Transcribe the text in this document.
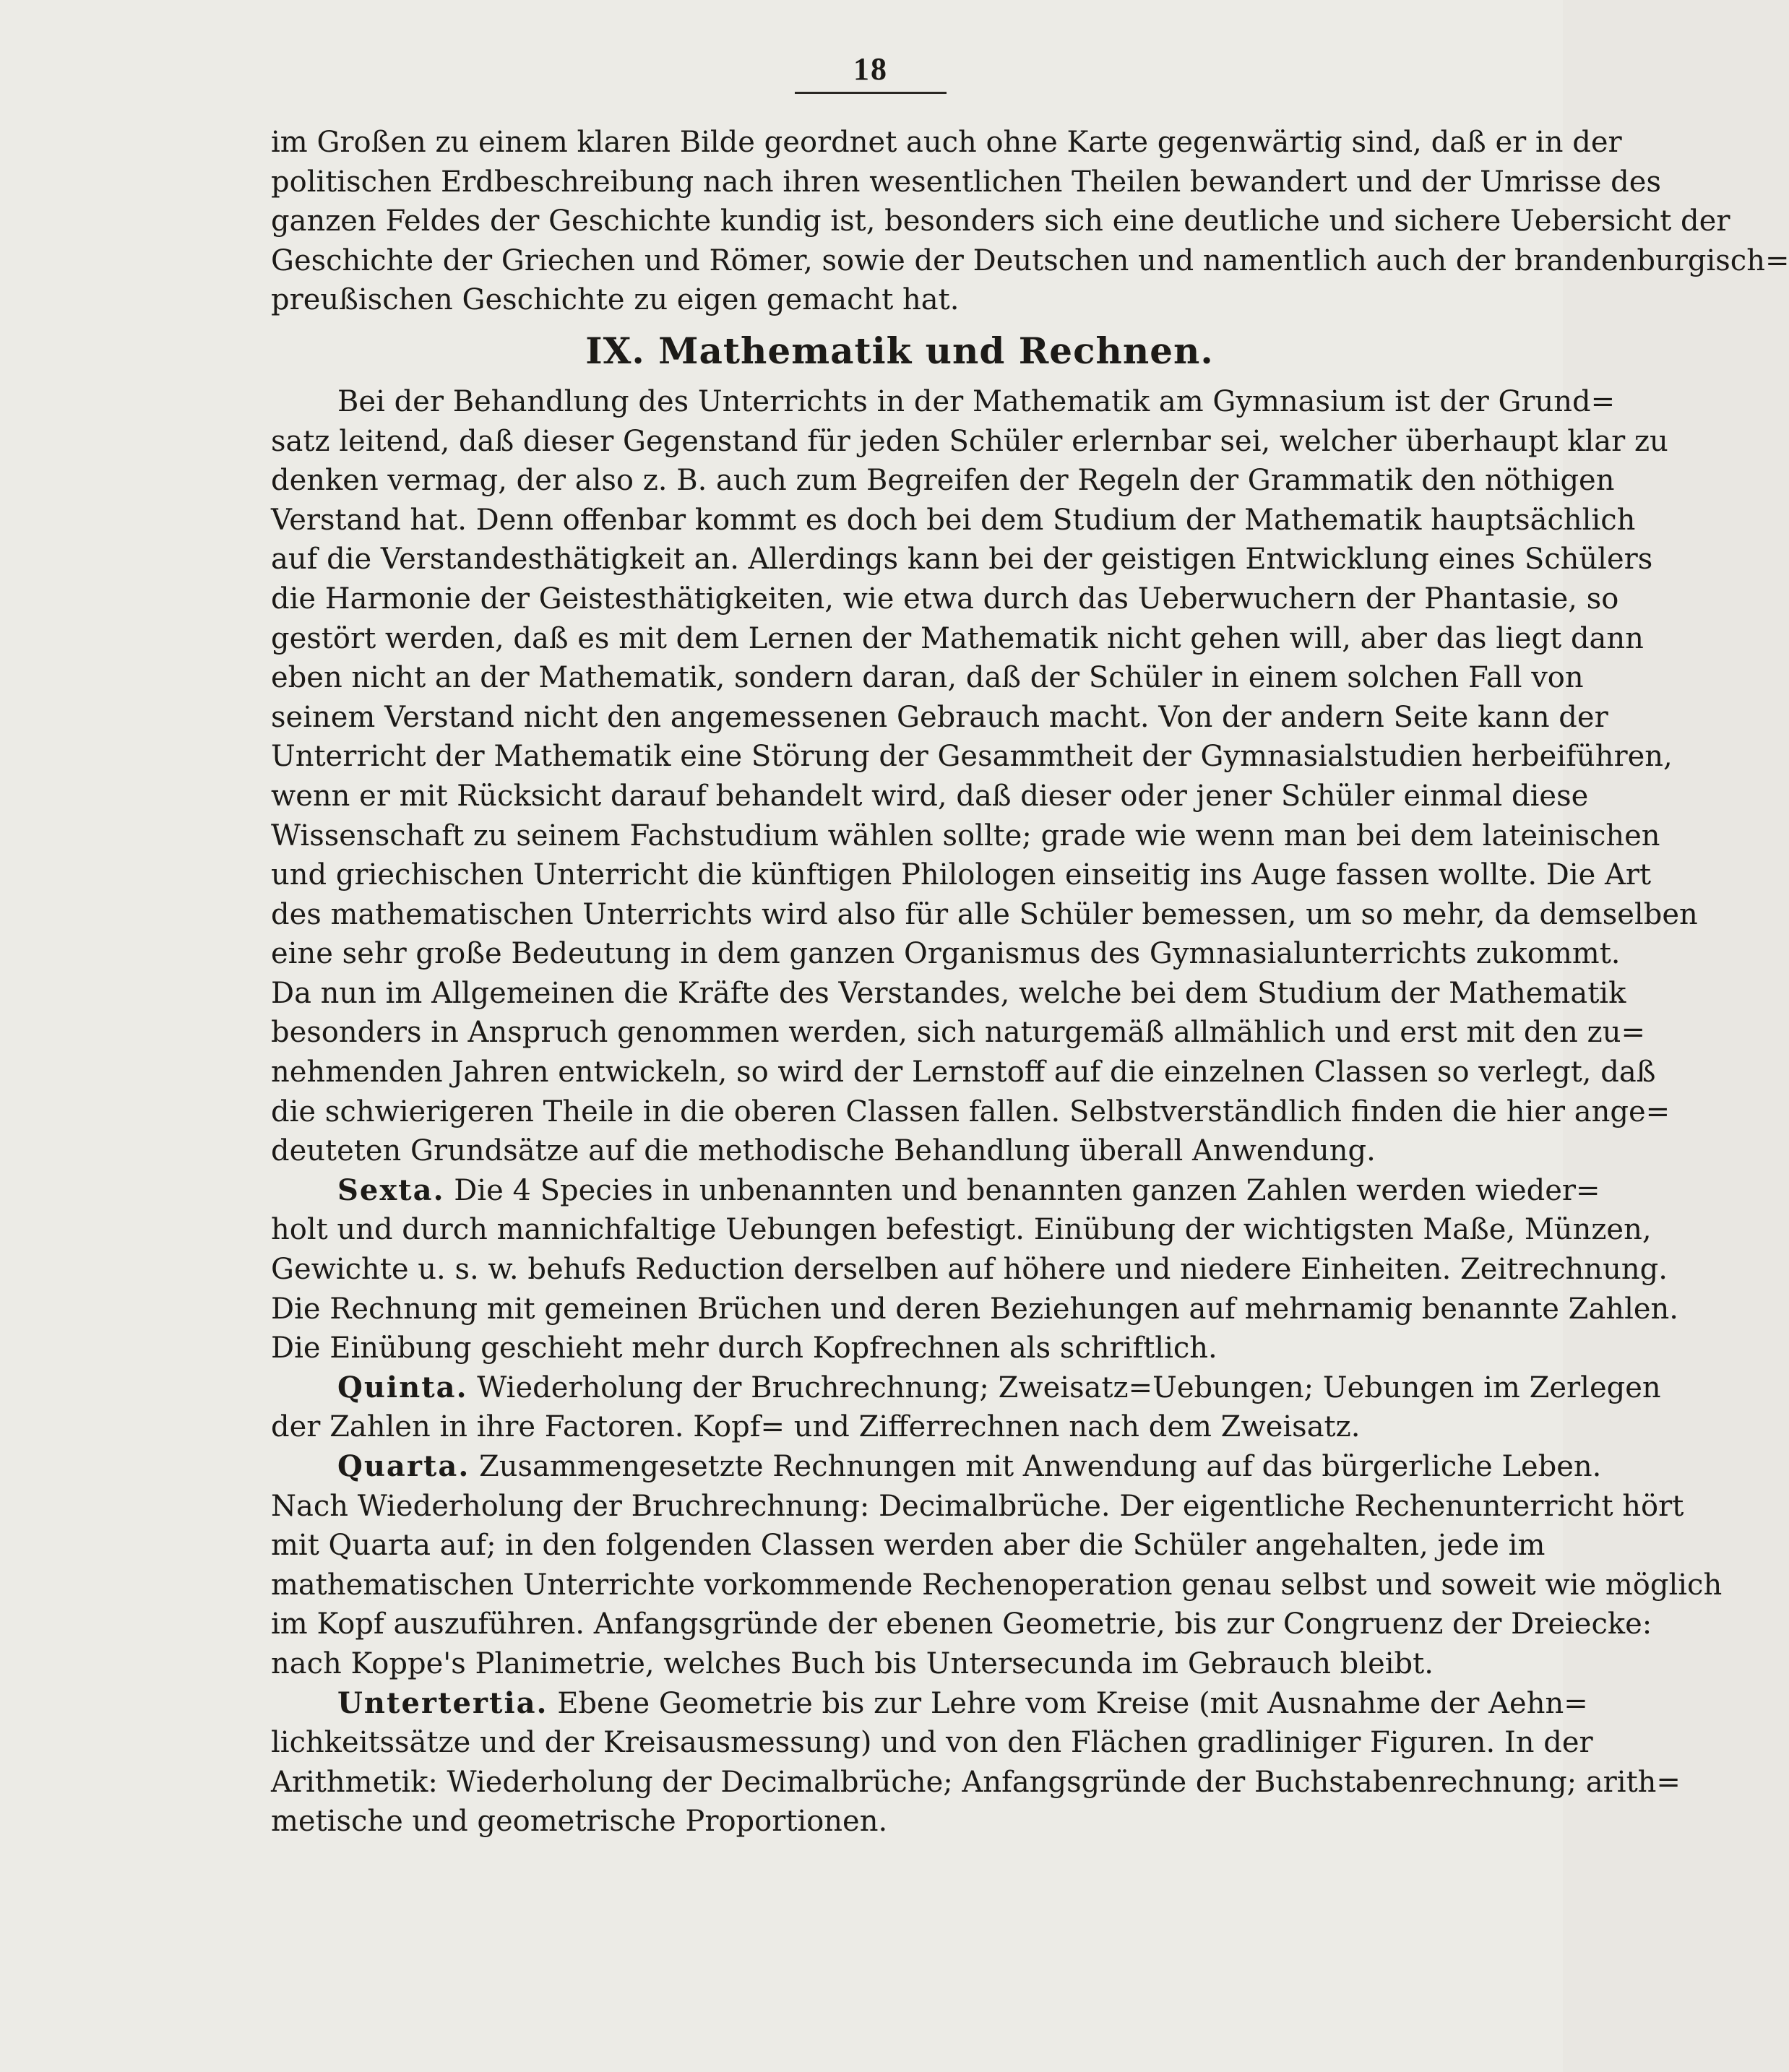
18
im Großen zu einem klaren Bilde geordnet auch ohne Karte gegenwärtig sind, daß er in der
politischen Erdbeschreibung nach ihren wesentlichen Theilen bewandert und der Umrisse des
ganzen Feldes der Geschichte kundig ist, besonders sich eine deutliche und sichere Uebersicht der
Geschichte der Griechen und Römer, sowie der Deutschen und namentlich auch der brandenburgisch=
preußischen Geschichte zu eigen gemacht hat.
IX. Mathematik und Rechnen.
Bei der Behandlung des Unterrichts in der Mathematik am Gymnasium ist der Grund=
satz leitend, daß dieser Gegenstand für jeden Schüler erlernbar sei, welcher überhaupt klar zu
denken vermag, der also z. B. auch zum Begreifen der Regeln der Grammatik den nöthigen
Verstand hat. Denn offenbar kommt es doch bei dem Studium der Mathematik hauptsächlich
auf die Verstandesthätigkeit an. Allerdings kann bei der geistigen Entwicklung eines Schülers
die Harmonie der Geistesthätigkeiten, wie etwa durch das Ueberwuchern der Phantasie, so
gestört werden, daß es mit dem Lernen der Mathematik nicht gehen will, aber das liegt dann
eben nicht an der Mathematik, sondern daran, daß der Schüler in einem solchen Fall von
seinem Verstand nicht den angemessenen Gebrauch macht. Von der andern Seite kann der
Unterricht der Mathematik eine Störung der Gesammtheit der Gymnasialstudien herbeiführen,
wenn er mit Rücksicht darauf behandelt wird, daß dieser oder jener Schüler einmal diese
Wissenschaft zu seinem Fachstudium wählen sollte; grade wie wenn man bei dem lateinischen
und griechischen Unterricht die künftigen Philologen einseitig ins Auge fassen wollte. Die Art
des mathematischen Unterrichts wird also für alle Schüler bemessen, um so mehr, da demselben
eine sehr große Bedeutung in dem ganzen Organismus des Gymnasialunterrichts zukommt.
Da nun im Allgemeinen die Kräfte des Verstandes, welche bei dem Studium der Mathematik
besonders in Anspruch genommen werden, sich naturgemäß allmählich und erst mit den zu=
nehmenden Jahren entwickeln, so wird der Lernstoff auf die einzelnen Classen so verlegt, daß
die schwierigeren Theile in die oberen Classen fallen. Selbstverständlich finden die hier ange=
deuteten Grundsätze auf die methodische Behandlung überall Anwendung.
Sexta. Die 4 Species in unbenannten und benannten ganzen Zahlen werden wieder=
holt und durch mannichfaltige Uebungen befestigt. Einübung der wichtigsten Maße, Münzen,
Gewichte u. s. w. behufs Reduction derselben auf höhere und niedere Einheiten. Zeitrechnung.
Die Rechnung mit gemeinen Brüchen und deren Beziehungen auf mehrnamig benannte Zahlen.
Die Einübung geschieht mehr durch Kopfrechnen als schriftlich.
Quinta. Wiederholung der Bruchrechnung; Zweisatz=Uebungen; Uebungen im Zerlegen
der Zahlen in ihre Factoren. Kopf= und Zifferrechnen nach dem Zweisatz.
Quarta. Zusammengesetzte Rechnungen mit Anwendung auf das bürgerliche Leben.
Nach Wiederholung der Bruchrechnung: Decimalbrüche. Der eigentliche Rechenunterricht hört
mit Quarta auf; in den folgenden Classen werden aber die Schüler angehalten, jede im
mathematischen Unterrichte vorkommende Rechenoperation genau selbst und soweit wie möglich
im Kopf auszuführen. Anfangsgründe der ebenen Geometrie, bis zur Congruenz der Dreiecke:
nach Koppe's Planimetrie, welches Buch bis Untersecunda im Gebrauch bleibt.
Untertertia. Ebene Geometrie bis zur Lehre vom Kreise (mit Ausnahme der Aehn=
lichkeitssätze und der Kreisausmessung) und von den Flächen gradliniger Figuren. In der
Arithmetik: Wiederholung der Decimalbrüche; Anfangsgründe der Buchstabenrechnung; arith=
metische und geometrische Proportionen.
